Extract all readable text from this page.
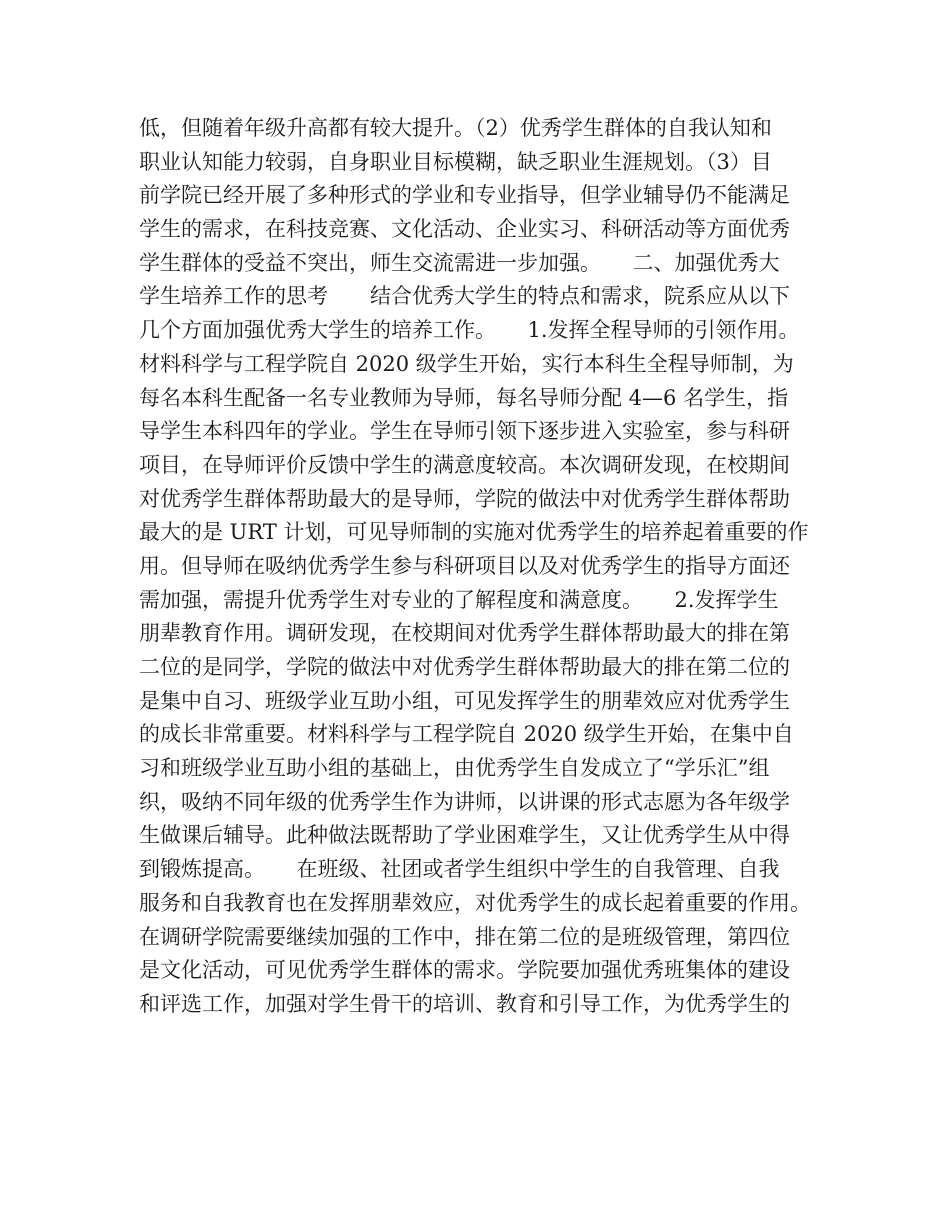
低，但随着年级升高都有较大提升。（2）优秀学生群体的自我认知和
职业认知能力较弱，自身职业目标模糊，缺乏职业生涯规划。（3）目
前学院已经开展了多种形式的学业和专业指导，但学业辅导仍不能满足
学生的需求，在科技竞赛、文化活动、企业实习、科研活动等方面优秀
学生群体的受益不突出，师生交流需进一步加强。　　二、加强优秀大
学生培养工作的思考　　结合优秀大学生的特点和需求，院系应从以下
几个方面加强优秀大学生的培养工作。　　1.发挥全程导师的引领作用。
材料科学与工程学院自 2020 级学生开始，实行本科生全程导师制，为
每名本科生配备一名专业教师为导师，每名导师分配 4—6 名学生，指
导学生本科四年的学业。学生在导师引领下逐步进入实验室，参与科研
项目，在导师评价反馈中学生的满意度较高。本次调研发现，在校期间
对优秀学生群体帮助最大的是导师，学院的做法中对优秀学生群体帮助
最大的是 URT 计划，可见导师制的实施对优秀学生的培养起着重要的作
用。但导师在吸纳优秀学生参与科研项目以及对优秀学生的指导方面还
需加强，需提升优秀学生对专业的了解程度和满意度。　　2.发挥学生
朋辈教育作用。调研发现，在校期间对优秀学生群体帮助最大的排在第
二位的是同学，学院的做法中对优秀学生群体帮助最大的排在第二位的
是集中自习、班级学业互助小组，可见发挥学生的朋辈效应对优秀学生
的成长非常重要。材料科学与工程学院自 2020 级学生开始，在集中自
习和班级学业互助小组的基础上，由优秀学生自发成立了“学乐汇”组
织，吸纳不同年级的优秀学生作为讲师，以讲课的形式志愿为各年级学
生做课后辅导。此种做法既帮助了学业困难学生，又让优秀学生从中得
到锻炼提高。　　在班级、社团或者学生组织中学生的自我管理、自我
服务和自我教育也在发挥朋辈效应，对优秀学生的成长起着重要的作用。
在调研学院需要继续加强的工作中，排在第二位的是班级管理，第四位
是文化活动，可见优秀学生群体的需求。学院要加强优秀班集体的建设
和评选工作，加强对学生骨干的培训、教育和引导工作，为优秀学生的
